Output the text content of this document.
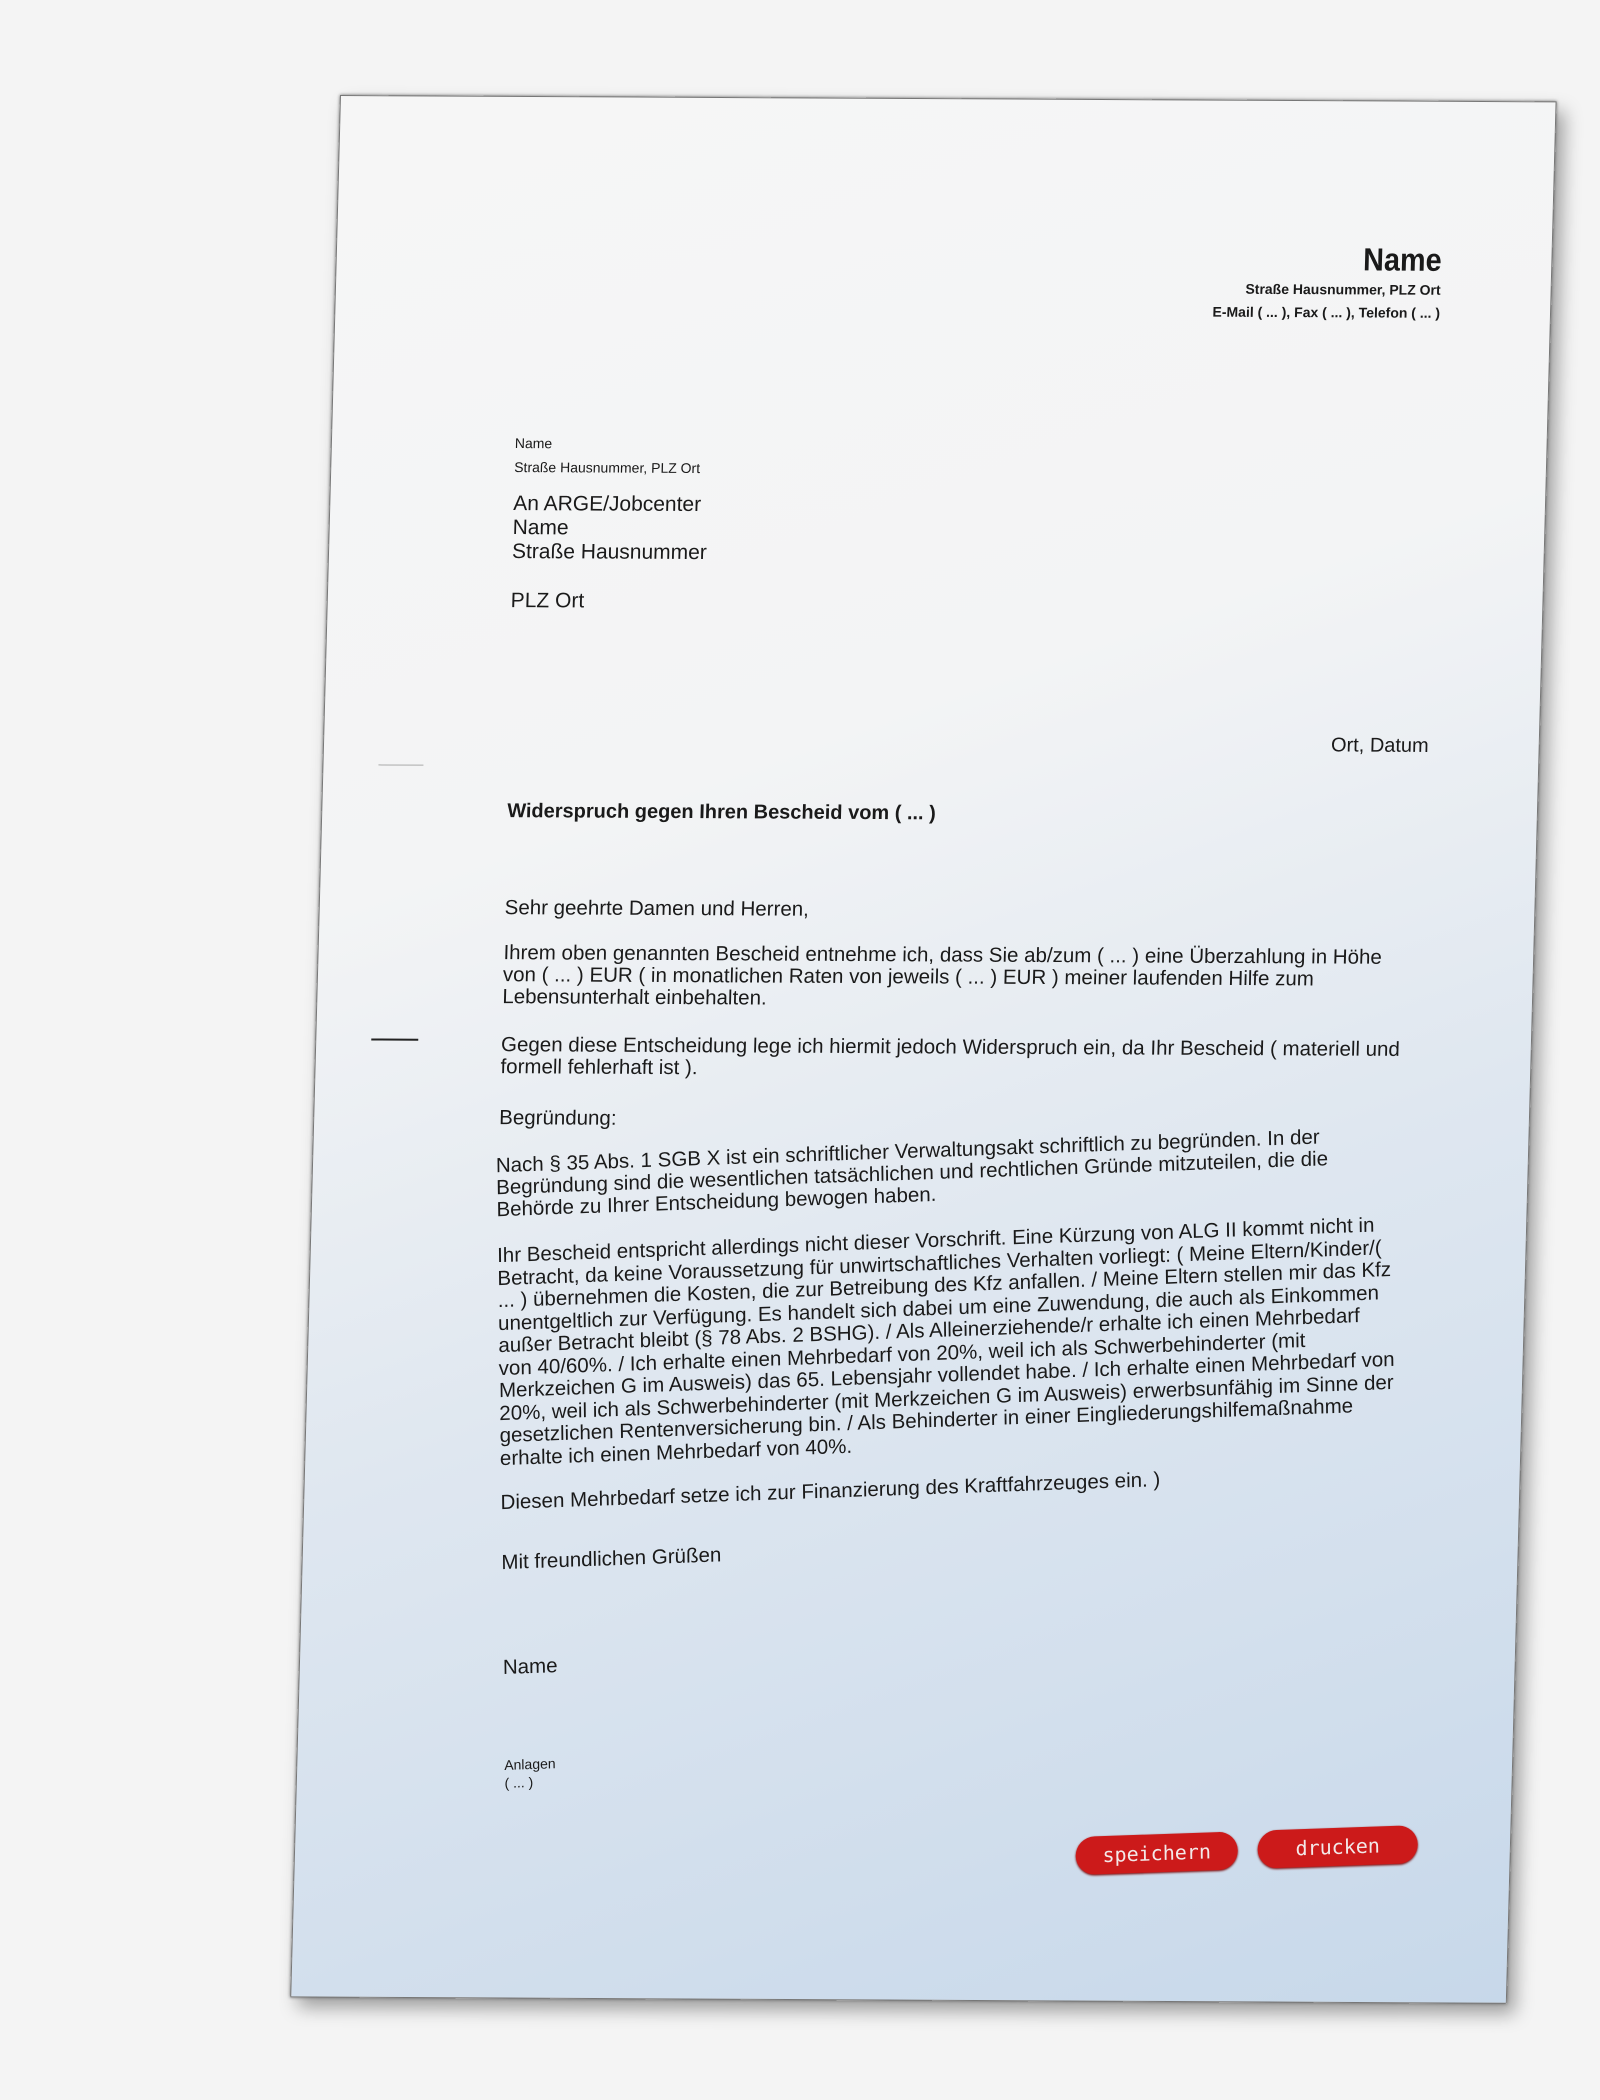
Name
Straße Hausnummer, PLZ Ort
E-Mail ( ... ), Fax ( ... ), Telefon ( ... )
Name
Straße Hausnummer, PLZ Ort
An ARGE/Jobcenter
Name
Straße Hausnummer
PLZ Ort
Ort, Datum
Widerspruch gegen Ihren Bescheid vom ( ... )
Sehr geehrte Damen und Herren,
Ihrem oben genannten Bescheid entnehme ich, dass Sie ab/zum ( ... ) eine Überzahlung in Höhe von ( ... ) EUR ( in monatlichen Raten von jeweils ( ... ) EUR ) meiner laufenden Hilfe zum Lebensunterhalt einbehalten.
Gegen diese Entscheidung lege ich hiermit jedoch Widerspruch ein, da Ihr Bescheid ( materiell und formell fehlerhaft ist ).
Begründung:
Nach § 35 Abs. 1 SGB X ist ein schriftlicher Verwaltungsakt schriftlich zu begründen. In der Begründung sind die wesentlichen tatsächlichen und rechtlichen Gründe mitzuteilen, die die Behörde zu Ihrer Entscheidung bewogen haben.
Ihr Bescheid entspricht allerdings nicht dieser Vorschrift. Eine Kürzung von ALG II kommt nicht in Betracht, da keine Voraussetzung für unwirtschaftliches Verhalten vorliegt: ( Meine Eltern/Kinder/( ... ) übernehmen die Kosten, die zur Betreibung des Kfz anfallen. / Meine Eltern stellen mir das Kfz unentgeltlich zur Verfügung. Es handelt sich dabei um eine Zuwendung, die auch als Einkommen außer Betracht bleibt (§ 78 Abs. 2 BSHG). / Als Alleinerziehende/r erhalte ich einen Mehrbedarf von 40/60%. / Ich erhalte einen Mehrbedarf von 20%, weil ich als Schwerbehinderter (mit Merkzeichen G im Ausweis) das 65. Lebensjahr vollendet habe. / Ich erhalte einen Mehrbedarf von 20%, weil ich als Schwerbehinderter (mit Merkzeichen G im Ausweis) erwerbsunfähig im Sinne der gesetzlichen Rentenversicherung bin. / Als Behinderter in einer Eingliederungshilfemaßnahme erhalte ich einen Mehrbedarf von 40%.
Diesen Mehrbedarf setze ich zur Finanzierung des Kraftfahrzeuges ein. )
Mit freundlichen Grüßen
Name
Anlagen
( ... )
speichern	drucken
